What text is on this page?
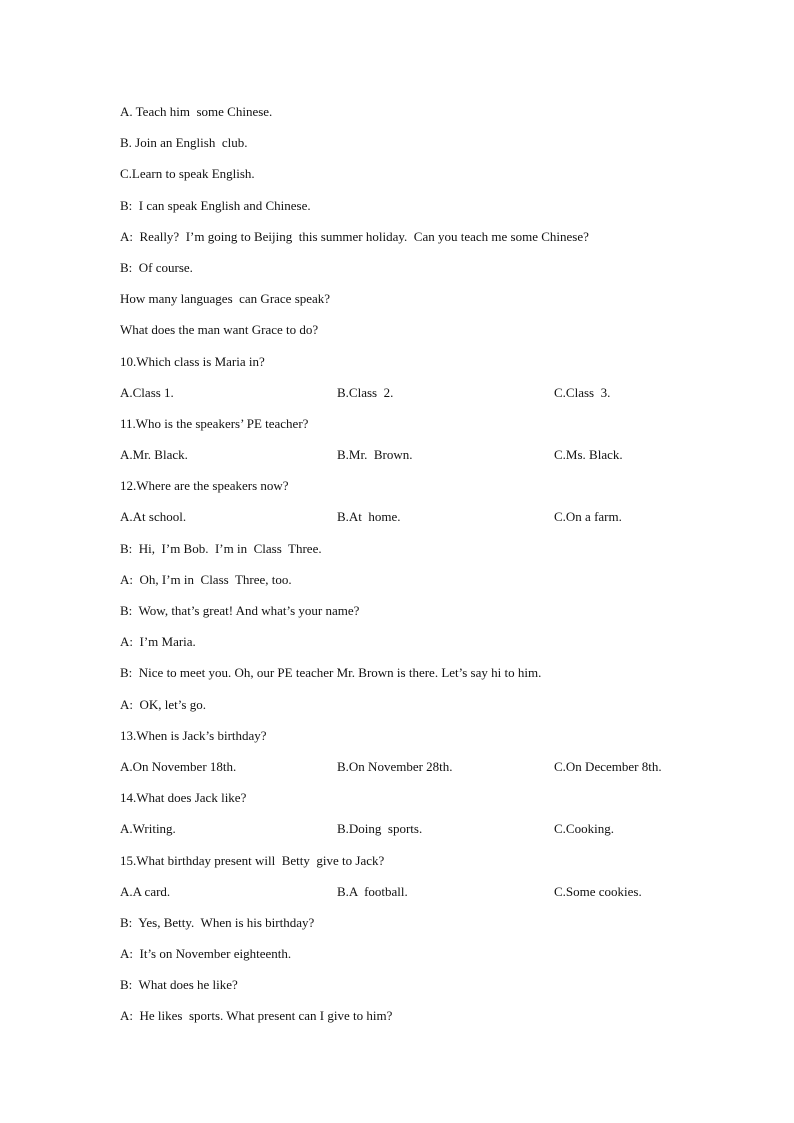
A. Teach him  some Chinese.
B. Join an English  club.
C.Learn to speak English.
B:  I can speak English and Chinese.
A:  Really?  I’m going to Beijing  this summer holiday.  Can you teach me some Chinese?
B:  Of course.
How many languages  can Grace speak?
What does the man want Grace to do?
10.Which class is Maria in?
A.Class 1.	B.Class  2.	C.Class  3.
11.Who is the speakers’ PE teacher?
A.Mr. Black.	B.Mr.  Brown.	C.Ms. Black.
12.Where are the speakers now?
A.At school.	B.At  home.	C.On a farm.
B:  Hi,  I’m Bob.  I’m in  Class  Three.
A:  Oh, I’m in  Class  Three, too.
B:  Wow, that’s great! And what’s your name?
A:  I’m Maria.
B:  Nice to meet you. Oh, our PE teacher Mr. Brown is there. Let’s say hi to him.
A:  OK, let’s go.
13.When is Jack’s birthday?
A.On November 18th.	B.On November 28th.	C.On December 8th.
14.What does Jack like?
A.Writing.	B.Doing  sports.	C.Cooking.
15.What birthday present will  Betty  give to Jack?
A.A card.	B.A  football.	C.Some cookies.
B:  Yes, Betty.  When is his birthday?
A:  It’s on November eighteenth.
B:  What does he like?
A:  He likes  sports. What present can I give to him?
